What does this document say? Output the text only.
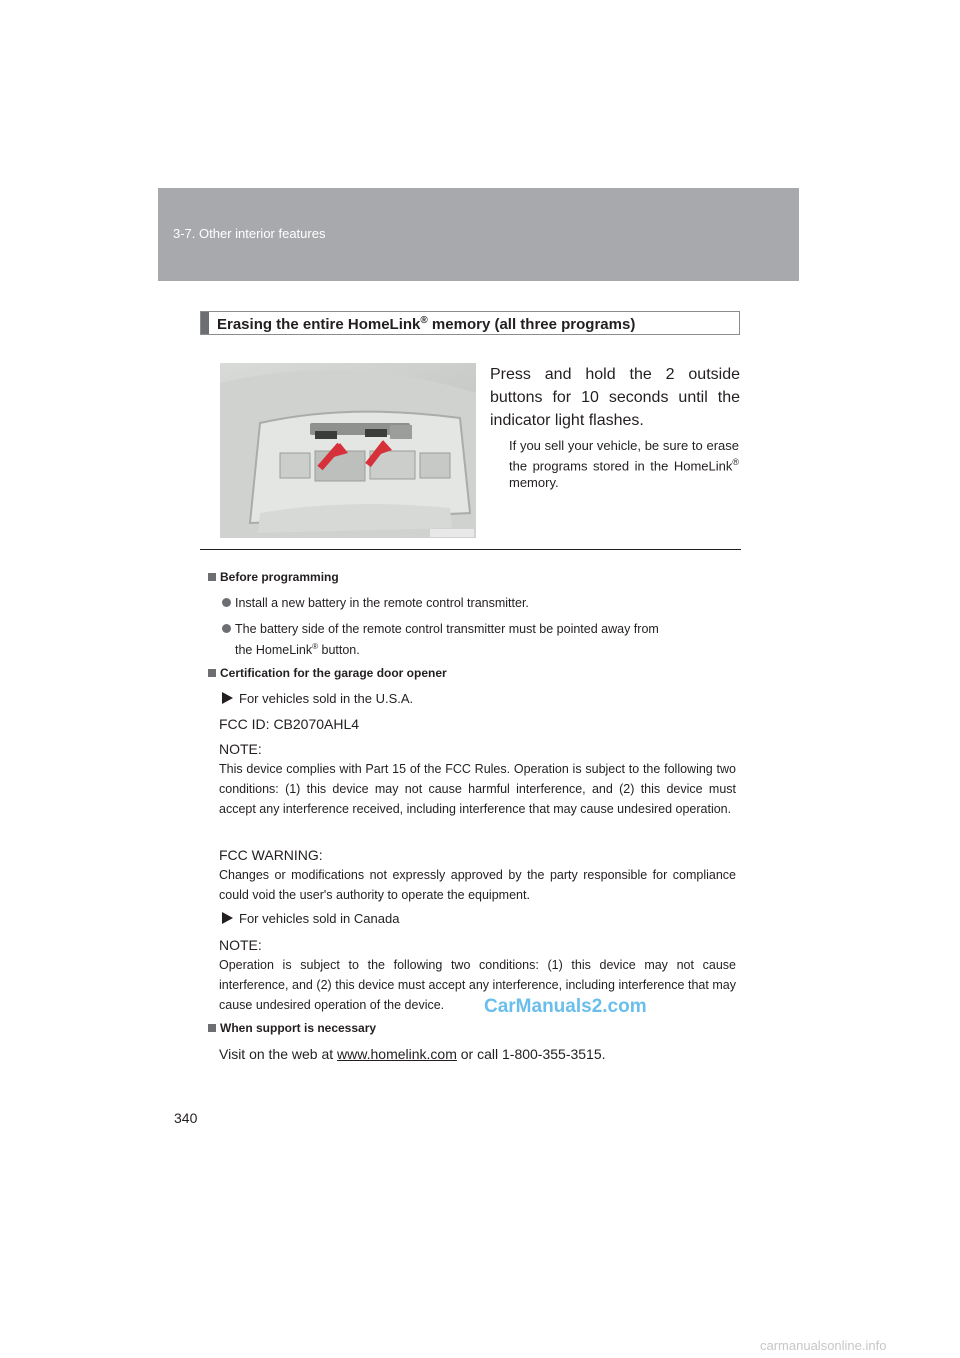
3-7. Other interior features
Erasing the entire HomeLink® memory (all three programs)
Press and hold the 2 outside buttons for 10 seconds until the indicator light flashes.
If you sell your vehicle, be sure to erase the programs stored in the HomeLink® memory.
Before programming
Install a new battery in the remote control transmitter.
The battery side of the remote control transmitter must be pointed away from
the HomeLink® button.
Certification for the garage door opener
For vehicles sold in the U.S.A.
FCC ID: CB2070AHL4
NOTE:
This device complies with Part 15 of the FCC Rules. Operation is subject to the following two conditions: (1) this device may not cause harmful interference, and (2) this device must accept any interference received, including interference that may cause undesired operation.
FCC WARNING:
Changes or modifications not expressly approved by the party responsible for compliance could void the user's authority to operate the equipment.
For vehicles sold in Canada
NOTE:
Operation is subject to the following two conditions: (1) this device may not cause interference, and (2) this device must accept any interference, including interference that may cause undesired operation of the device.
When support is necessary
Visit on the web at www.homelink.com or call 1-800-355-3515.
340
CarManuals2.com
carmanualsonline.info
